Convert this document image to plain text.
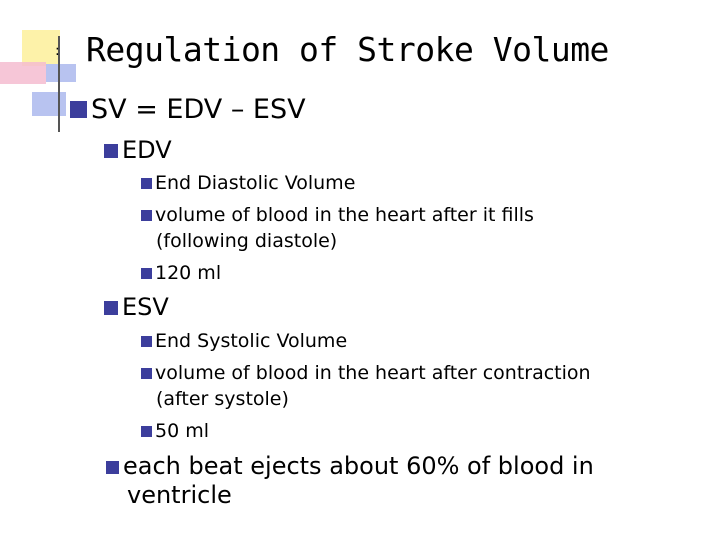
: Regulation of Stroke Volume
SV = EDV – ESV
EDV
End Diastolic Volume
volume of blood in the heart after it fills
(following diastole)
120 ml
ESV
End Systolic Volume
volume of blood in the heart after contraction
(after systole)
50 ml
each beat ejects about 60% of blood in
ventricle
